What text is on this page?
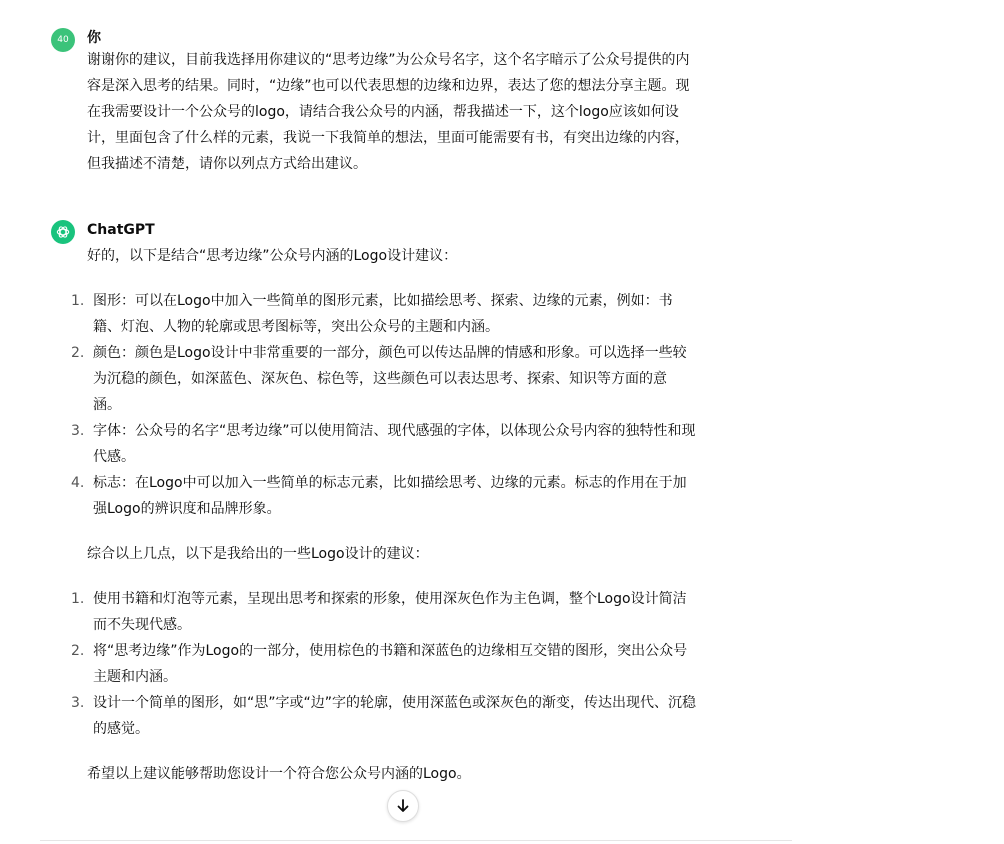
40 你
谢谢你的建议，目前我选择用你建议的“思考边缘”为公众号名字，这个名字暗示了公众号提供的内
容是深入思考的结果。同时，“边缘”也可以代表思想的边缘和边界，表达了您的想法分享主题。现
在我需要设计一个公众号的logo，请结合我公众号的内涵，帮我描述一下，这个logo应该如何设
计，里面包含了什么样的元素，我说一下我简单的想法，里面可能需要有书，有突出边缘的内容，
但我描述不清楚，请你以列点方式给出建议。
ChatGPT
好的，以下是结合“思考边缘”公众号内涵的Logo设计建议：
1. 图形：可以在Logo中加入一些简单的图形元素，比如描绘思考、探索、边缘的元素，例如：书
籍、灯泡、人物的轮廓或思考图标等，突出公众号的主题和内涵。
2. 颜色：颜色是Logo设计中非常重要的一部分，颜色可以传达品牌的情感和形象。可以选择一些较
为沉稳的颜色，如深蓝色、深灰色、棕色等，这些颜色可以表达思考、探索、知识等方面的意
涵。
3. 字体：公众号的名字“思考边缘”可以使用简洁、现代感强的字体，以体现公众号内容的独特性和现
代感。
4. 标志：在Logo中可以加入一些简单的标志元素，比如描绘思考、边缘的元素。标志的作用在于加
强Logo的辨识度和品牌形象。
综合以上几点，以下是我给出的一些Logo设计的建议：
1. 使用书籍和灯泡等元素，呈现出思考和探索的形象，使用深灰色作为主色调，整个Logo设计简洁
而不失现代感。
2. 将“思考边缘”作为Logo的一部分，使用棕色的书籍和深蓝色的边缘相互交错的图形，突出公众号
主题和内涵。
3. 设计一个简单的图形，如“思”字或“边”字的轮廓，使用深蓝色或深灰色的渐变，传达出现代、沉稳
的感觉。
希望以上建议能够帮助您设计一个符合您公众号内涵的Logo。
